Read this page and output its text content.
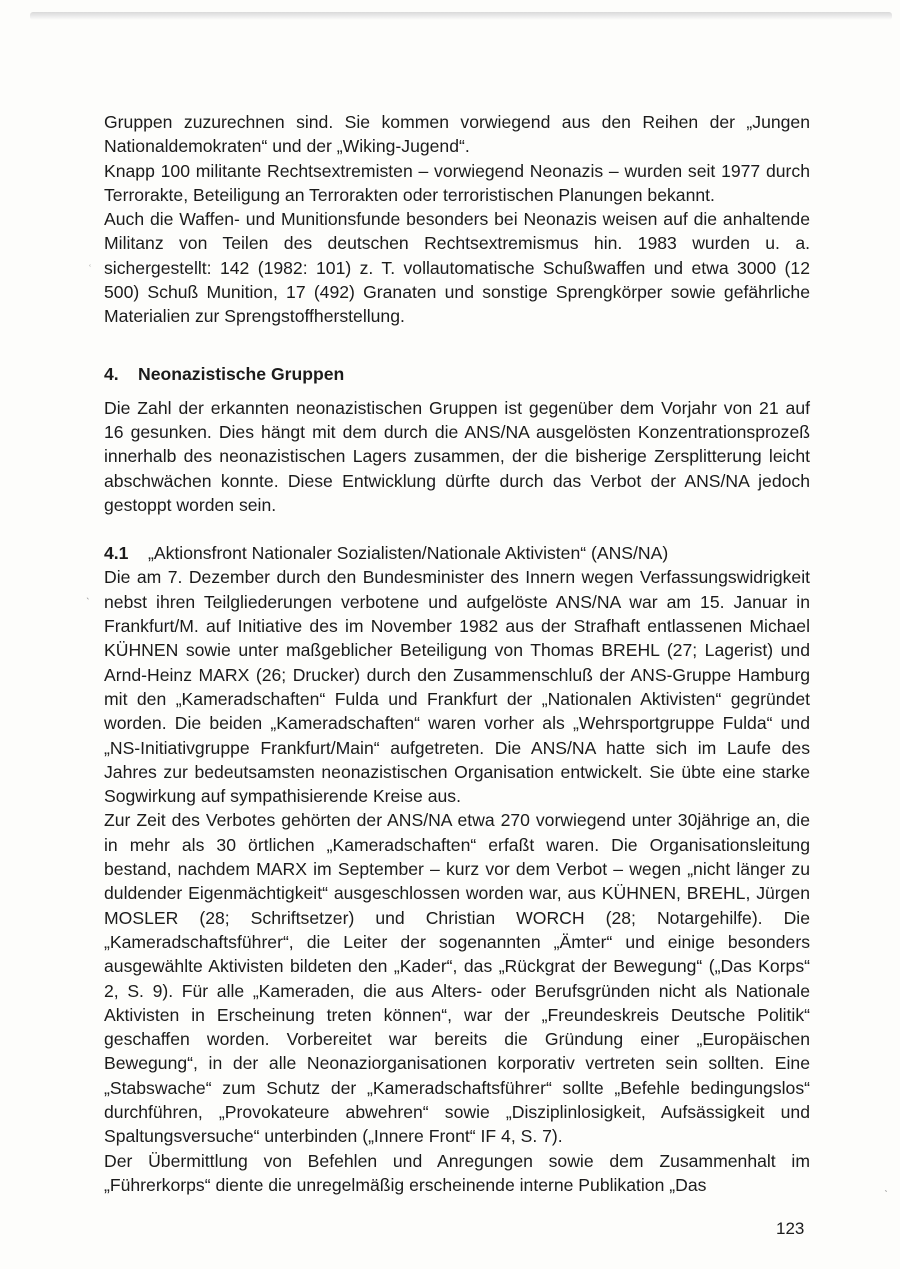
ʿ
ˎ
ˋ

Gruppen zuzurechnen sind. Sie kommen vorwiegend aus den Reihen der „Jungen Nationaldemokraten“ und der „Wiking-Jugend“.

Knapp 100 militante Rechtsextremisten – vorwiegend Neonazis – wurden seit 1977 durch Terrorakte, Beteiligung an Terrorakten oder terroristischen Planungen bekannt.

Auch die Waffen- und Munitionsfunde besonders bei Neonazis weisen auf die anhaltende Militanz von Teilen des deutschen Rechtsextremismus hin. 1983 wurden u. a. sichergestellt: 142 (1982: 101) z. T. vollautomatische Schußwaffen und etwa 3000 (12 500) Schuß Munition, 17 (492) Granaten und sonstige Sprengkörper sowie gefährliche Materialien zur Sprengstoffherstellung.

4. Neonazistische Gruppen

Die Zahl der erkannten neonazistischen Gruppen ist gegenüber dem Vorjahr von 21 auf 16 gesunken. Dies hängt mit dem durch die ANS/NA ausgelösten Konzentrationsprozeß innerhalb des neonazistischen Lagers zusammen, der die bisherige Zersplitterung leicht abschwächen konnte. Diese Entwicklung dürfte durch das Verbot der ANS/NA jedoch gestoppt worden sein.

4.1 „Aktionsfront Nationaler Sozialisten/Nationale Aktivisten“ (ANS/NA)

Die am 7. Dezember durch den Bundesminister des Innern wegen Verfassungswidrigkeit nebst ihren Teilgliederungen verbotene und aufgelöste ANS/NA war am 15. Januar in Frankfurt/M. auf Initiative des im November 1982 aus der Strafhaft entlassenen Michael KÜHNEN sowie unter maßgeblicher Beteiligung von Thomas BREHL (27; Lagerist) und Arnd-Heinz MARX (26; Drucker) durch den Zusammenschluß der ANS-Gruppe Hamburg mit den „Kameradschaften“ Fulda und Frankfurt der „Nationalen Aktivisten“ gegründet worden. Die beiden „Kameradschaften“ waren vorher als „Wehrsportgruppe Fulda“ und „NS-Initiativgruppe Frankfurt/Main“ aufgetreten. Die ANS/NA hatte sich im Laufe des Jahres zur bedeutsamsten neonazistischen Organisation entwickelt. Sie übte eine starke Sogwirkung auf sympathisierende Kreise aus.

Zur Zeit des Verbotes gehörten der ANS/NA etwa 270 vorwiegend unter 30jährige an, die in mehr als 30 örtlichen „Kameradschaften“ erfaßt waren. Die Organisationsleitung bestand, nachdem MARX im September – kurz vor dem Verbot – wegen „nicht länger zu duldender Eigenmächtigkeit“ ausgeschlossen worden war, aus KÜHNEN, BREHL, Jürgen MOSLER (28; Schriftsetzer) und Christian WORCH (28; Notargehilfe). Die „Kameradschaftsführer“, die Leiter der sogenannten „Ämter“ und einige besonders ausgewählte Aktivisten bildeten den „Kader“, das „Rückgrat der Bewegung“ („Das Korps“ 2, S. 9). Für alle „Kameraden, die aus Alters- oder Berufsgründen nicht als Nationale Aktivisten in Erscheinung treten können“, war der „Freundeskreis Deutsche Politik“ geschaffen worden. Vorbereitet war bereits die Gründung einer „Europäischen Bewegung“, in der alle Neonaziorganisationen korporativ vertreten sein sollten. Eine „Stabswache“ zum Schutz der „Kameradschaftsführer“ sollte „Befehle bedingungslos“ durchführen, „Provokateure abwehren“ sowie „Disziplinlosigkeit, Aufsässigkeit und Spaltungsversuche“ unterbinden („Innere Front“ IF 4, S. 7).

Der Übermittlung von Befehlen und Anregungen sowie dem Zusammenhalt im „Führerkorps“ diente die unregelmäßig erscheinende interne Publikation „Das

123
